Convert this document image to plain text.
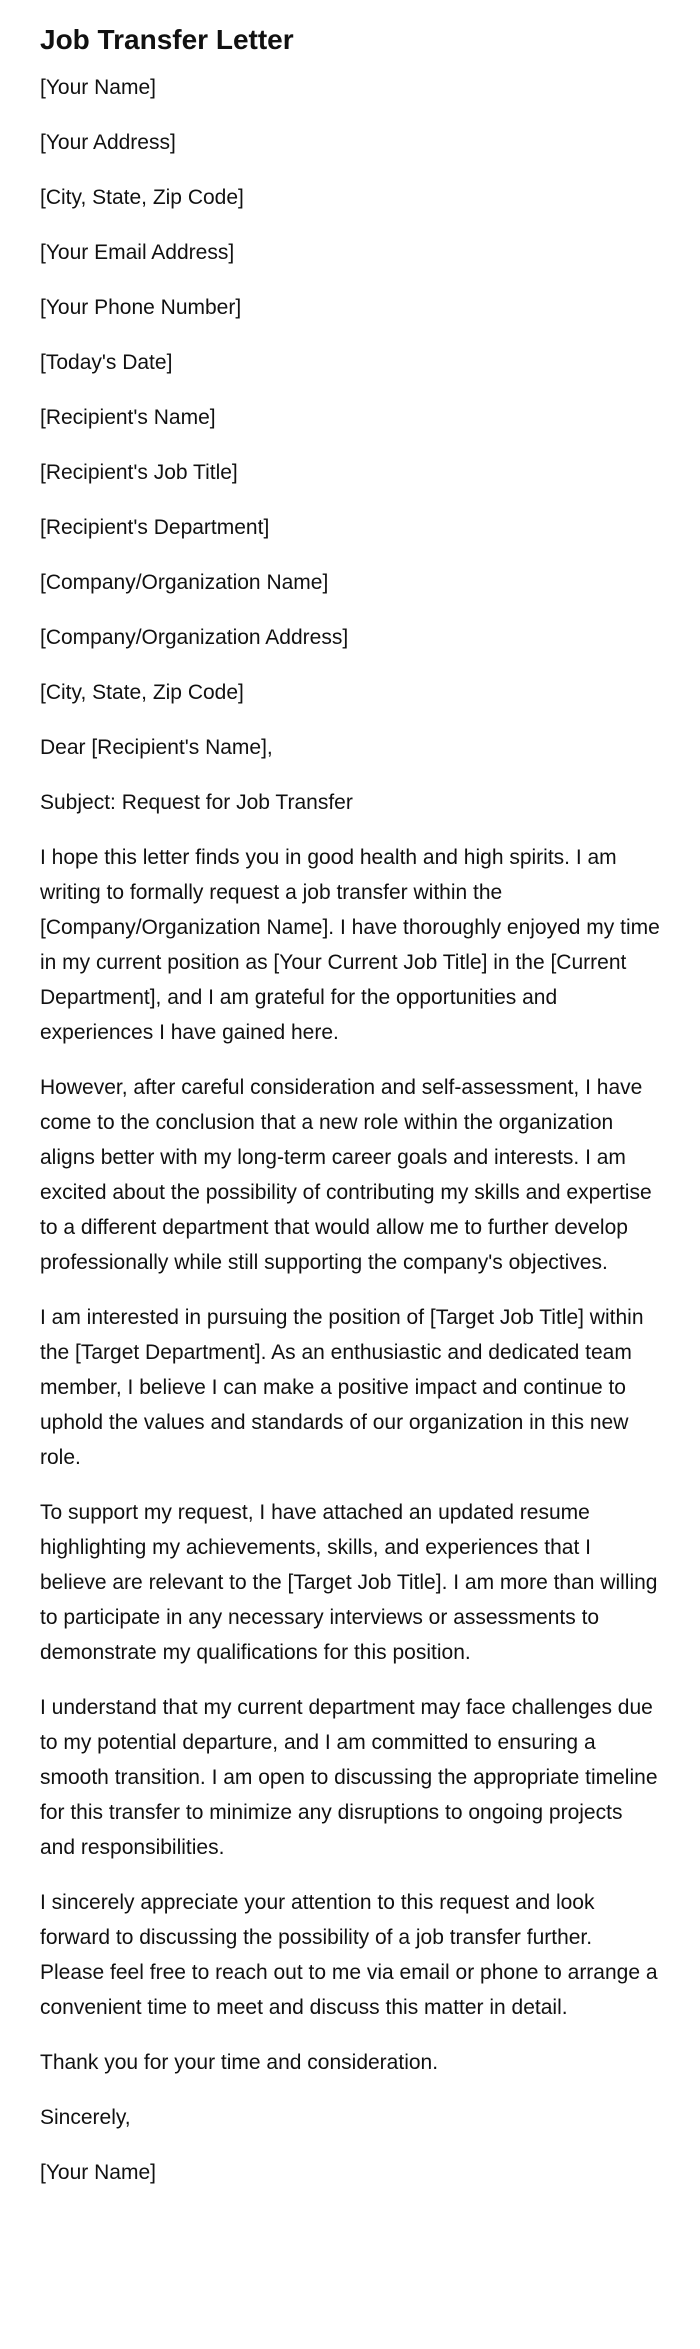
Job Transfer Letter

[Your Name]

[Your Address]

[City, State, Zip Code]

[Your Email Address]

[Your Phone Number]

[Today's Date]

[Recipient's Name]

[Recipient's Job Title]

[Recipient's Department]

[Company/Organization Name]

[Company/Organization Address]

[City, State, Zip Code]

Dear [Recipient's Name],

Subject: Request for Job Transfer

I hope this letter finds you in good health and high spirits. I am writing to formally request a job transfer within the [Company/Organization Name]. I have thoroughly enjoyed my time in my current position as [Your Current Job Title] in the [Current Department], and I am grateful for the opportunities and experiences I have gained here.

However, after careful consideration and self-assessment, I have come to the conclusion that a new role within the organization aligns better with my long-term career goals and interests. I am excited about the possibility of contributing my skills and expertise to a different department that would allow me to further develop professionally while still supporting the company's objectives.

I am interested in pursuing the position of [Target Job Title] within the [Target Department]. As an enthusiastic and dedicated team member, I believe I can make a positive impact and continue to uphold the values and standards of our organization in this new role.

To support my request, I have attached an updated resume highlighting my achievements, skills, and experiences that I believe are relevant to the [Target Job Title]. I am more than willing to participate in any necessary interviews or assessments to demonstrate my qualifications for this position.

I understand that my current department may face challenges due to my potential departure, and I am committed to ensuring a smooth transition. I am open to discussing the appropriate timeline for this transfer to minimize any disruptions to ongoing projects and responsibilities.

I sincerely appreciate your attention to this request and look forward to discussing the possibility of a job transfer further. Please feel free to reach out to me via email or phone to arrange a convenient time to meet and discuss this matter in detail.

Thank you for your time and consideration.

Sincerely,

[Your Name]
